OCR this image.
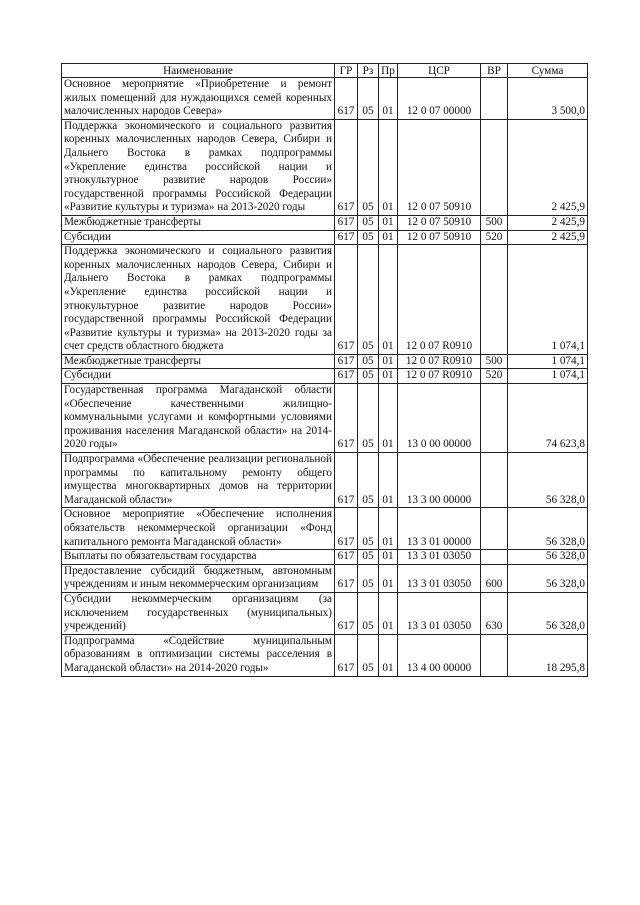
Наименование	ГР	Рз	Пр	ЦСР	ВР	Сумма
Основное мероприятие «Приобретение и ремонт жилых помещений для нуждающихся семей коренных малочисленных народов Севера»	617	05	01	12 0 07 00000		3 500,0
Поддержка экономического и социального развития коренных малочисленных народов Севера, Сибири и Дальнего Востока в рамках подпрограммы «Укрепление единства российской нации и этнокультурное развитие народов России» государственной программы Российской Федерации «Развитие культуры и туризма» на 2013-2020 годы	617	05	01	12 0 07 50910		2 425,9
Межбюджетные трансферты	617	05	01	12 0 07 50910	500	2 425,9
Субсидии	617	05	01	12 0 07 50910	520	2 425,9
Поддержка экономического и социального развития коренных малочисленных народов Севера, Сибири и Дальнего Востока в рамках подпрограммы «Укрепление единства российской нации и этнокультурное развитие народов России» государственной программы Российской Федерации «Развитие культуры и туризма» на 2013-2020 годы за счет средств областного бюджета	617	05	01	12 0 07 R0910		1 074,1
Межбюджетные трансферты	617	05	01	12 0 07 R0910	500	1 074,1
Субсидии	617	05	01	12 0 07 R0910	520	1 074,1
Государственная программа Магаданской области «Обеспечение качественными жилищно-коммунальными услугами и комфортными условиями проживания населения Магаданской области» на 2014-2020 годы»	617	05	01	13 0 00 00000		74 623,8
Подпрограмма «Обеспечение реализации региональной программы по капитальному ремонту общего имущества многоквартирных домов на территории Магаданской области»	617	05	01	13 3 00 00000		56 328,0
Основное мероприятие «Обеспечение исполнения обязательств некоммерческой организации «Фонд капитального ремонта Магаданской области»	617	05	01	13 3 01 00000		56 328,0
Выплаты по обязательствам государства	617	05	01	13 3 01 03050		56 328,0
Предоставление субсидий бюджетным, автономным учреждениям и иным некоммерческим организациям	617	05	01	13 3 01 03050	600	56 328,0
Субсидии некоммерческим организациям (за исключением государственных (муниципальных) учреждений)	617	05	01	13 3 01 03050	630	56 328,0
Подпрограмма «Содействие муниципальным образованиям в оптимизации системы расселения в Магаданской области» на 2014-2020 годы»	617	05	01	13 4 00 00000		18 295,8
